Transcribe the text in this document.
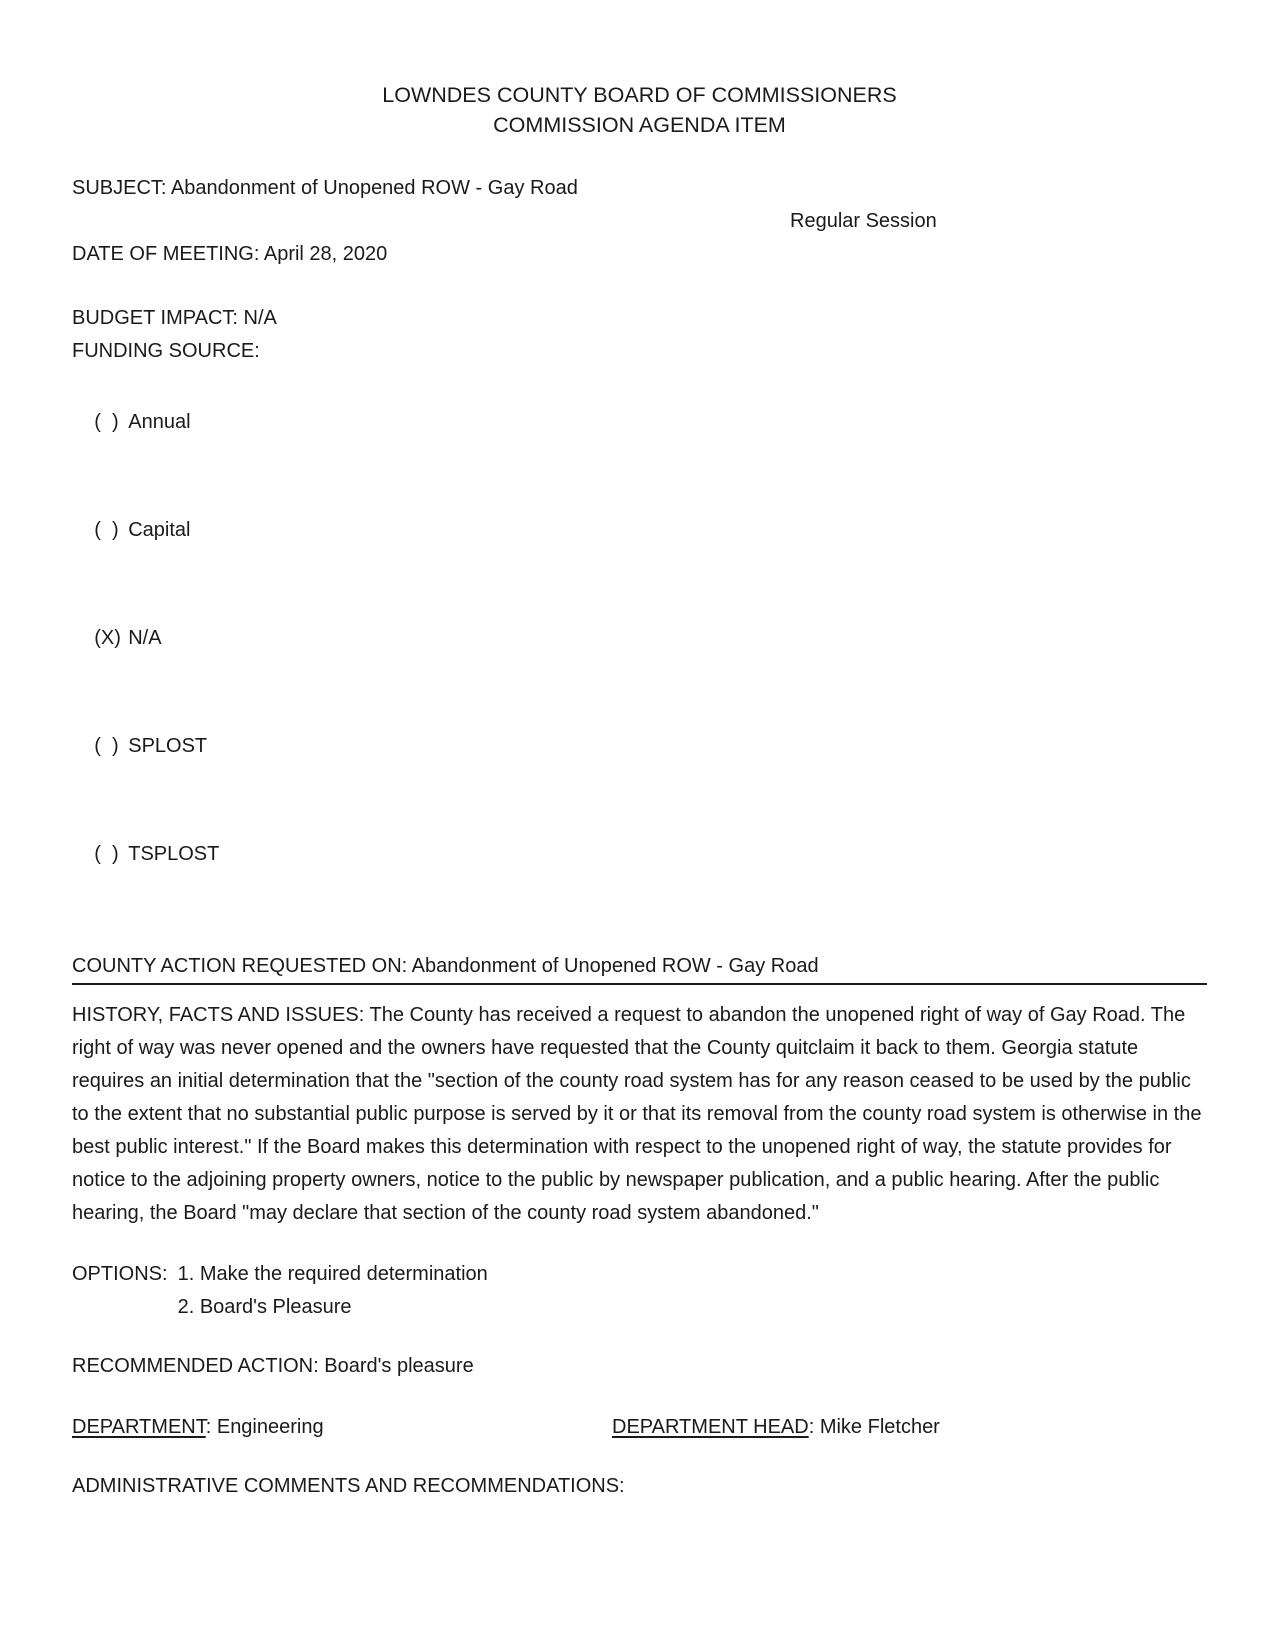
LOWNDES COUNTY BOARD OF COMMISSIONERS
COMMISSION AGENDA ITEM
SUBJECT: Abandonment of Unopened ROW - Gay Road
Regular Session
DATE OF MEETING: April 28, 2020
BUDGET IMPACT: N/A
FUNDING SOURCE:

(  ) Annual

(  ) Capital

(X) N/A

(  ) SPLOST

(  ) TSPLOST

COUNTY ACTION REQUESTED ON: Abandonment of Unopened ROW - Gay Road
HISTORY, FACTS AND ISSUES: The County has received a request to abandon the unopened right of way of Gay Road. The right of way was never opened and the owners have requested that the County quitclaim it back to them. Georgia statute requires an initial determination that the "section of the county road system has for any reason ceased to be used by the public to the extent that no substantial public purpose is served by it or that its removal from the county road system is otherwise in the best public interest." If the Board makes this determination with respect to the unopened right of way, the statute provides for notice to the adjoining property owners, notice to the public by newspaper publication, and a public hearing. After the public hearing, the Board "may declare that section of the county road system abandoned."
OPTIONS: 1. Make the required determination
2. Board's Pleasure
RECOMMENDED ACTION: Board's pleasure
DEPARTMENT: Engineering	DEPARTMENT HEAD: Mike Fletcher
ADMINISTRATIVE COMMENTS AND RECOMMENDATIONS:
